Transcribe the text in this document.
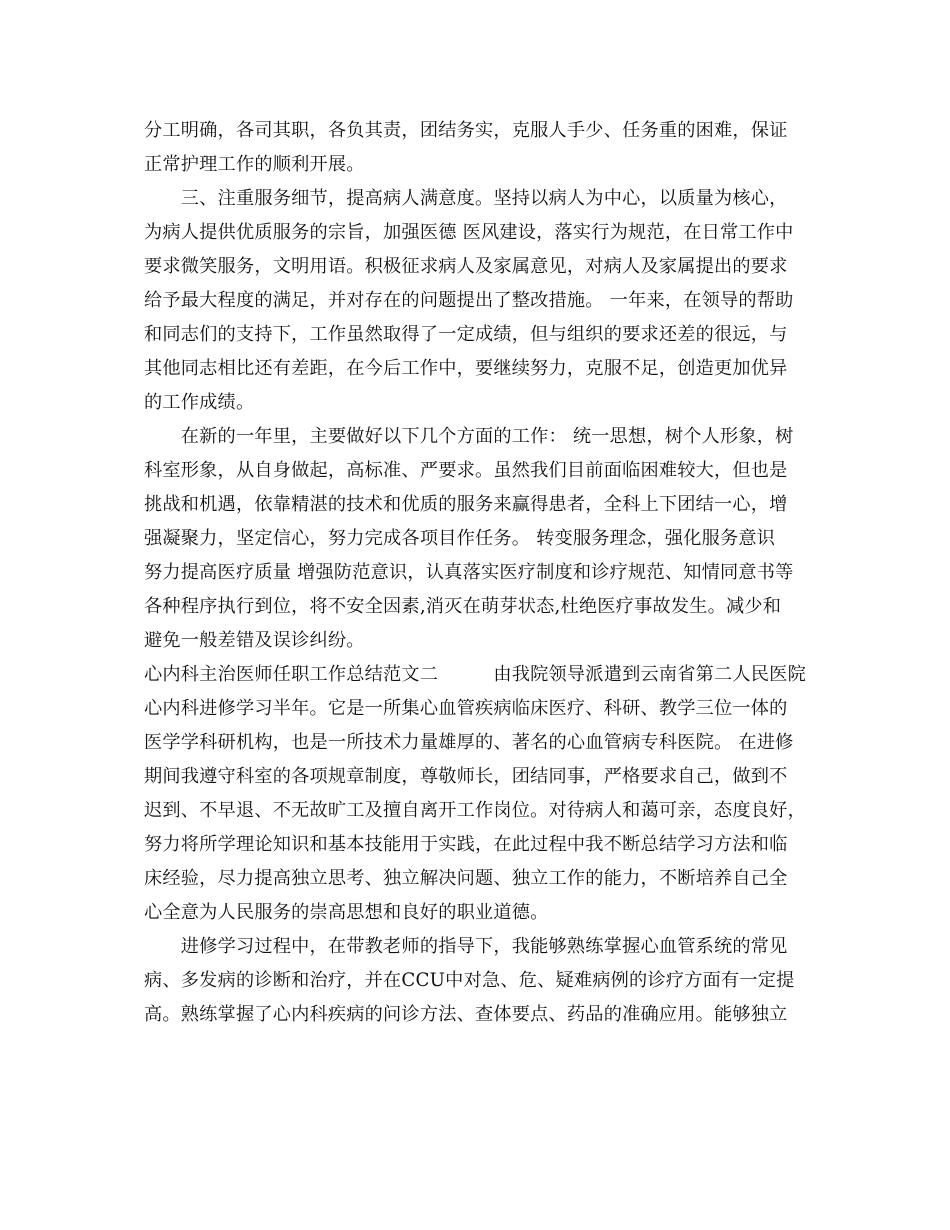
分工明确，各司其职，各负其责，团结务实，克服人手少、任务重的困难，保证
正常护理工作的顺利开展。
　　三、注重服务细节，提高病人满意度。坚持以病人为中心，以质量为核心，
为病人提供优质服务的宗旨，加强医德 医风建设，落实行为规范，在日常工作中
要求微笑服务，文明用语。积极征求病人及家属意见，对病人及家属提出的要求
给予最大程度的满足，并对存在的问题提出了整改措施。 一年来，在领导的帮助
和同志们的支持下，工作虽然取得了一定成绩，但与组织的要求还差的很远，与
其他同志相比还有差距，在今后工作中，要继续努力，克服不足，创造更加优异
的工作成绩。
　　在新的一年里，主要做好以下几个方面的工作： 统一思想，树个人形象，树
科室形象，从自身做起，高标准、严要求。虽然我们目前面临困难较大，但也是
挑战和机遇，依靠精湛的技术和优质的服务来赢得患者，全科上下团结一心，增
强凝聚力，坚定信心，努力完成各项目作任务。 转变服务理念，强化服务意识
努力提高医疗质量 增强防范意识，认真落实医疗制度和诊疗规范、知情同意书等
各种程序执行到位，将不安全因素,消灭在萌芽状态,杜绝医疗事故发生。减少和
避免一般差错及误诊纠纷。
心内科主治医师任职工作总结范文二　　　由我院领导派遣到云南省第二人民医院
心内科进修学习半年。它是一所集心血管疾病临床医疗、科研、教学三位一体的
医学学科研机构，也是一所技术力量雄厚的、著名的心血管病专科医院。 在进修
期间我遵守科室的各项规章制度，尊敬师长，团结同事，严格要求自己，做到不
迟到、不早退、不无故旷工及擅自离开工作岗位。对待病人和蔼可亲，态度良好，
努力将所学理论知识和基本技能用于实践，在此过程中我不断总结学习方法和临
床经验，尽力提高独立思考、独立解决问题、独立工作的能力，不断培养自己全
心全意为人民服务的崇高思想和良好的职业道德。
　　进修学习过程中，在带教老师的指导下，我能够熟练掌握心血管系统的常见
病、多发病的诊断和治疗，并在CCU中对急、危、疑难病例的诊疗方面有一定提
高。熟练掌握了心内科疾病的问诊方法、查体要点、药品的准确应用。能够独立
